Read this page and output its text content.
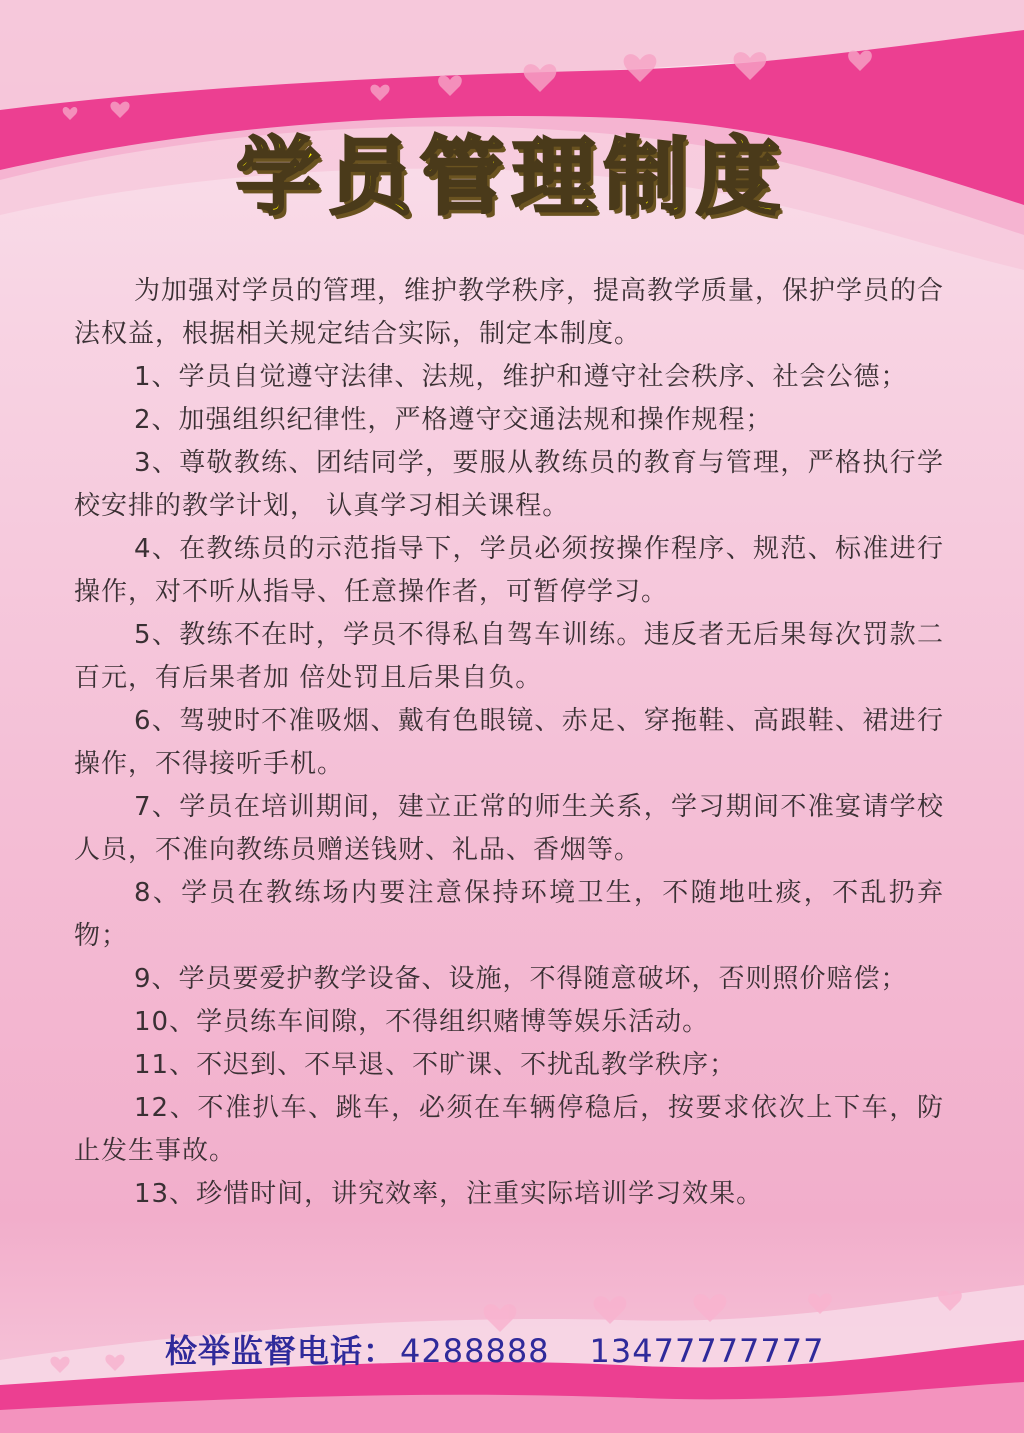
学员管理制度

为加强对学员的管理，维护教学秩序，提高教学质量，保护学员的合法权益，根据相关规定结合实际，制定本制度。

1、学员自觉遵守法律、法规，维护和遵守社会秩序、社会公德；

2、加强组织纪律性，严格遵守交通法规和操作规程；

3、尊敬教练、团结同学，要服从教练员的教育与管理，严格执行学校安排的教学计划， 认真学习相关课程。

4、在教练员的示范指导下，学员必须按操作程序、规范、标准进行操作，对不听从指导、任意操作者，可暂停学习。

5、教练不在时，学员不得私自驾车训练。违反者无后果每次罚款二百元，有后果者加 倍处罚且后果自负。

6、驾驶时不准吸烟、戴有色眼镜、赤足、穿拖鞋、高跟鞋、裙进行操作，不得接听手机。

7、学员在培训期间，建立正常的师生关系，学习期间不准宴请学校人员，不准向教练员赠送钱财、礼品、香烟等。

8、学员在教练场内要注意保持环境卫生，不随地吐痰，不乱扔弃物；

9、学员要爱护教学设备、设施，不得随意破坏，否则照价赔偿；

10、学员练车间隙，不得组织赌博等娱乐活动。

11、不迟到、不早退、不旷课、不扰乱教学秩序；

12、不准扒车、跳车，必须在车辆停稳后，按要求依次上下车，防止发生事故。

13、珍惜时间，讲究效率，注重实际培训学习效果。

检举监督电话： 4288888 13477777777
